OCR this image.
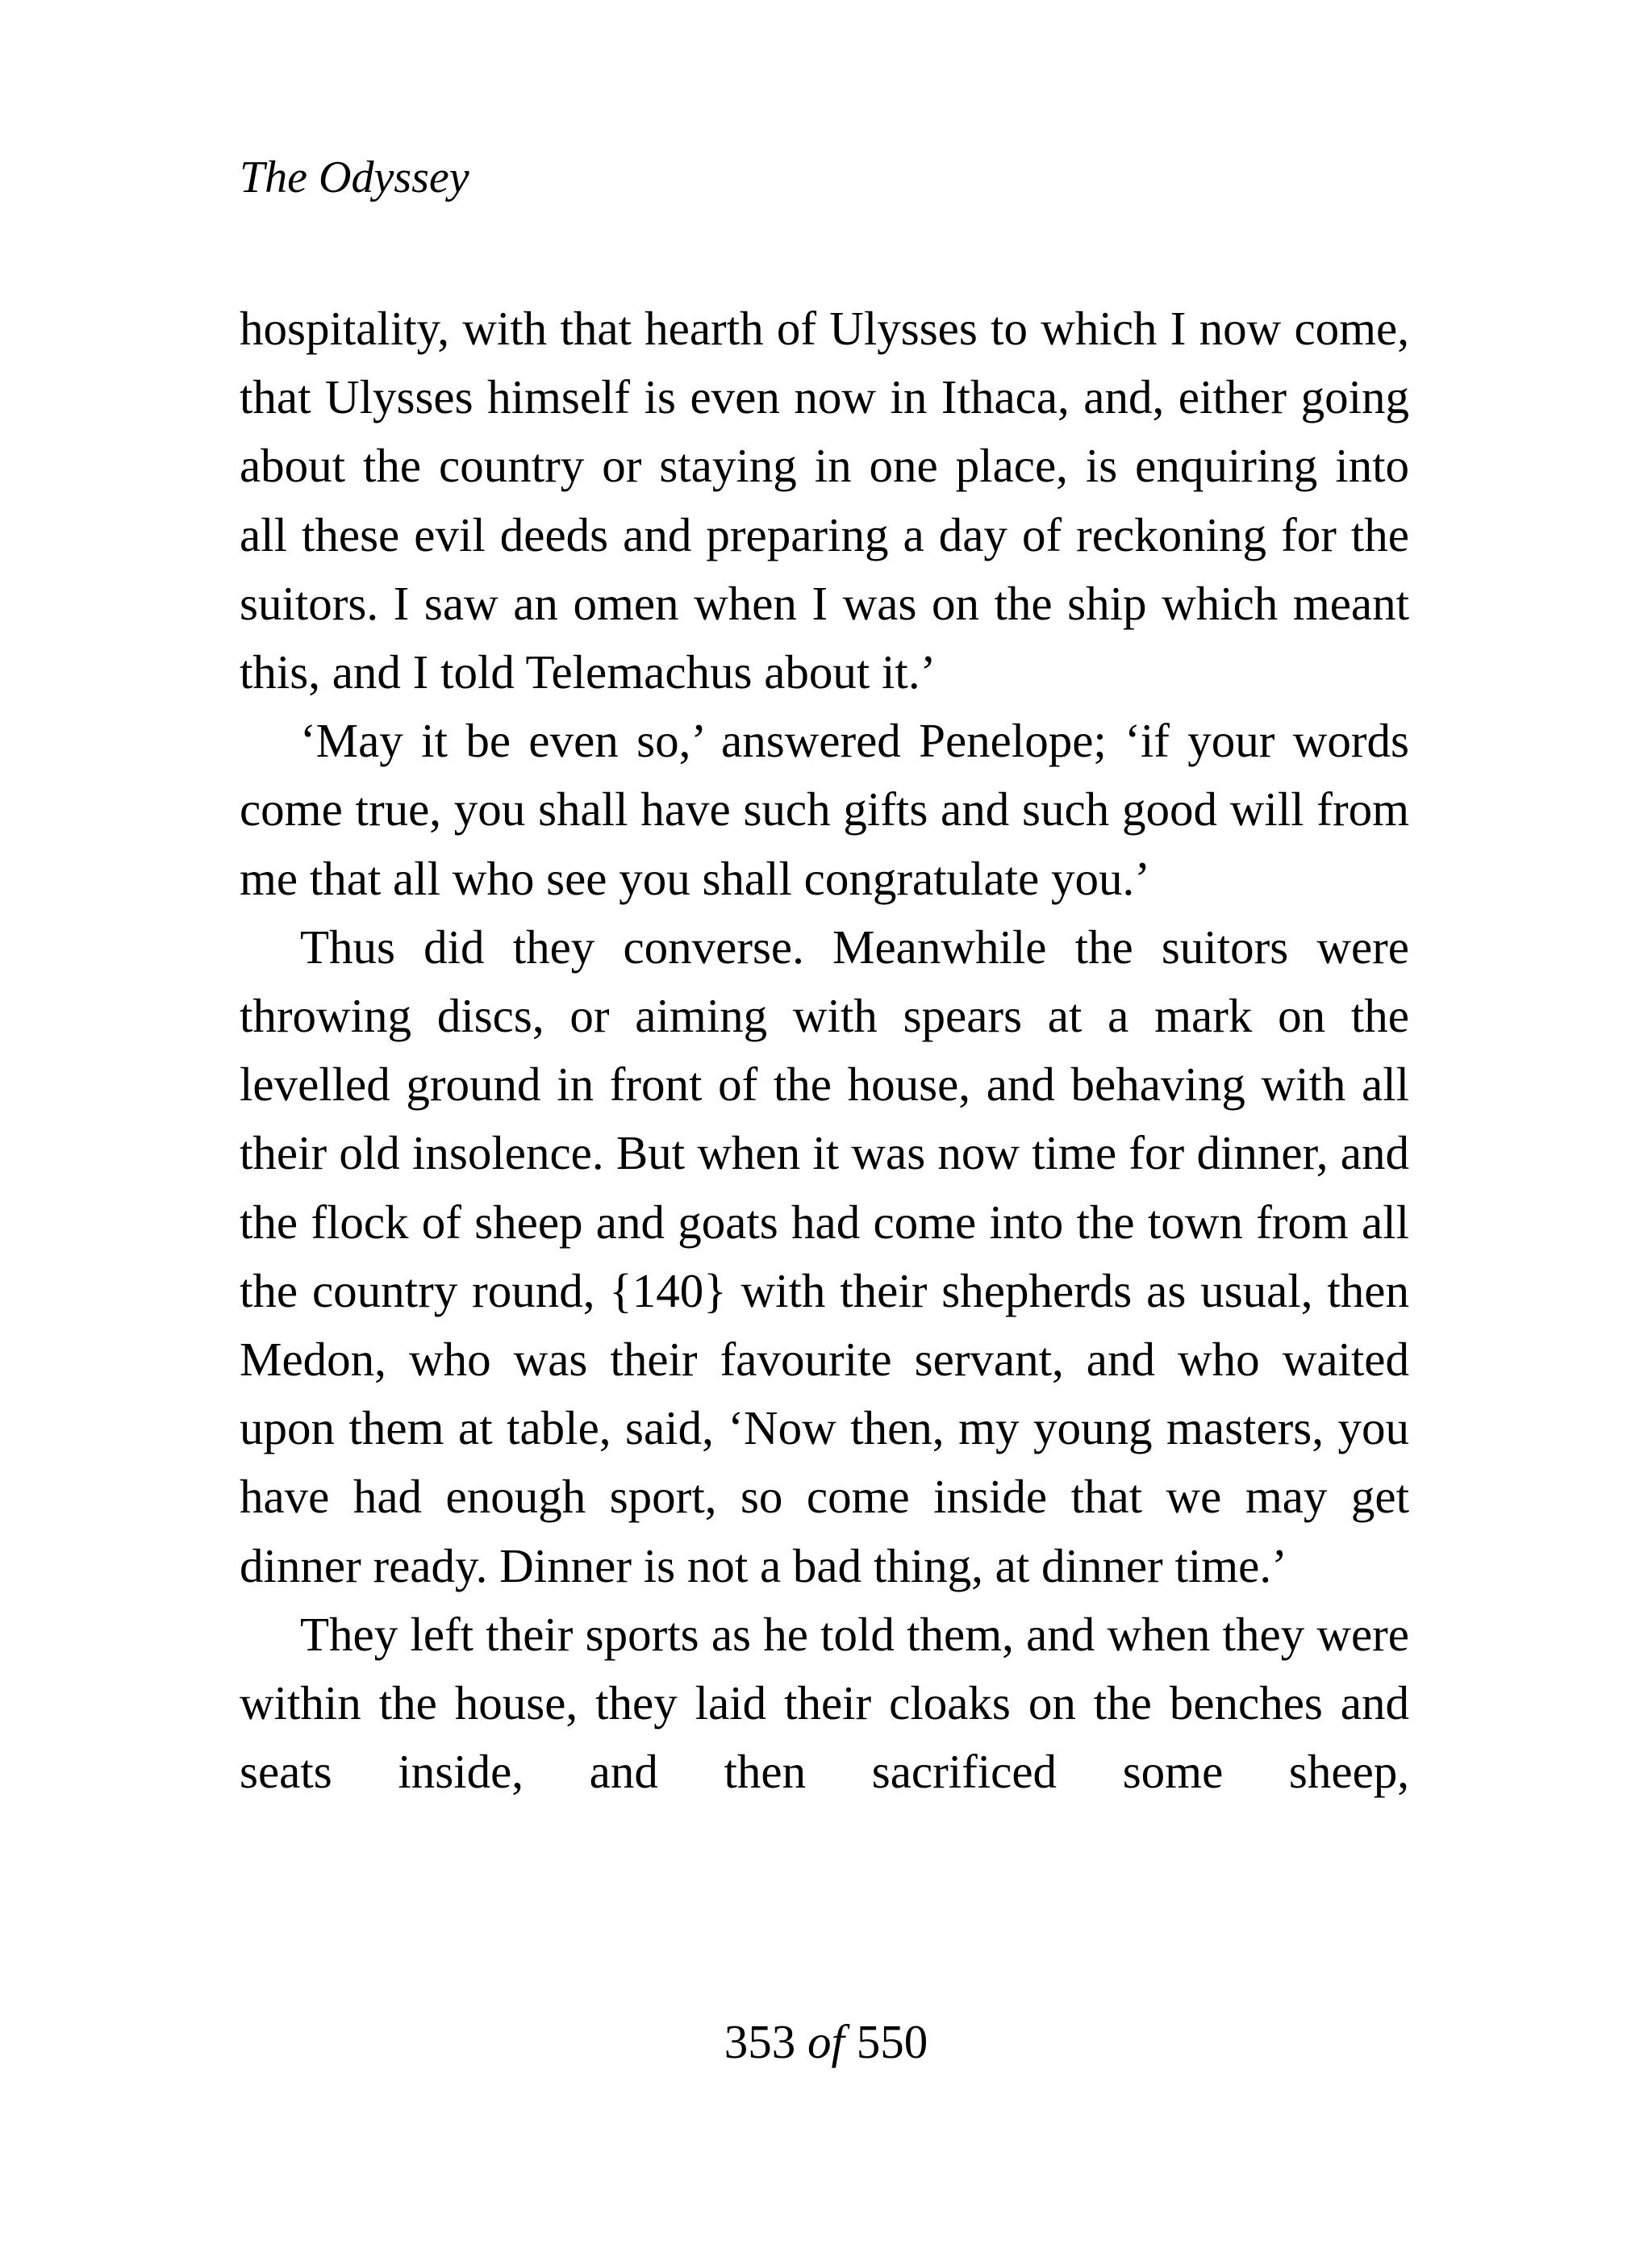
The Odyssey

hospitality, with that hearth of Ulysses to which I now come, that Ulysses himself is even now in Ithaca, and, either going about the country or staying in one place, is enquiring into all these evil deeds and preparing a day of reckoning for the suitors. I saw an omen when I was on the ship which meant this, and I told Telemachus about it.’

‘May it be even so,’ answered Penelope; ‘if your words come true, you shall have such gifts and such good will from me that all who see you shall congratulate you.’

Thus did they converse. Meanwhile the suitors were throwing discs, or aiming with spears at a mark on the levelled ground in front of the house, and behaving with all their old insolence. But when it was now time for dinner, and the flock of sheep and goats had come into the town from all the country round, {140} with their shepherds as usual, then Medon, who was their favourite servant, and who waited upon them at table, said, ‘Now then, my young masters, you have had enough sport, so come inside that we may get dinner ready. Dinner is not a bad thing, at dinner time.’

They left their sports as he told them, and when they were within the house, they laid their cloaks on the benches and seats inside, and then sacrificed some sheep,

353 of 550
